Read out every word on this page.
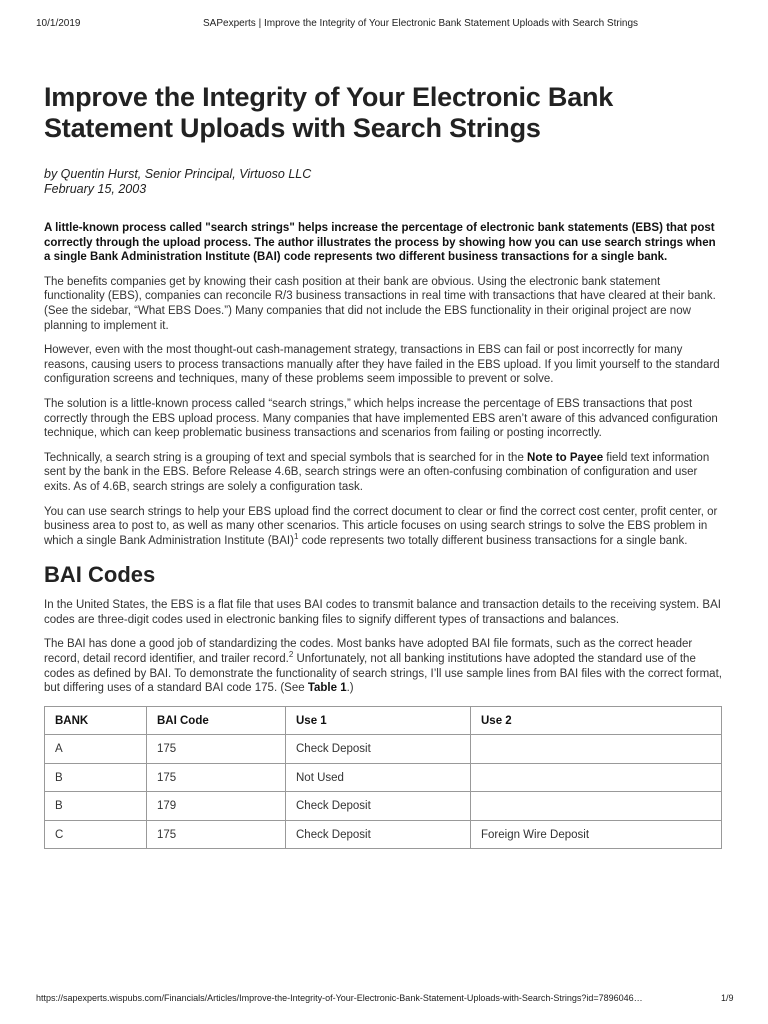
10/1/2019	SAPexperts | Improve the Integrity of Your Electronic Bank Statement Uploads with Search Strings
Improve the Integrity of Your Electronic Bank Statement Uploads with Search Strings
by Quentin Hurst, Senior Principal, Virtuoso LLC
February 15, 2003
A little-known process called "search strings" helps increase the percentage of electronic bank statements (EBS) that post correctly through the upload process. The author illustrates the process by showing how you can use search strings when a single Bank Administration Institute (BAI) code represents two different business transactions for a single bank.

The benefits companies get by knowing their cash position at their bank are obvious. Using the electronic bank statement functionality (EBS), companies can reconcile R/3 business transactions in real time with transactions that have cleared at their bank. (See the sidebar, “What EBS Does.”) Many companies that did not include the EBS functionality in their original project are now planning to implement it.

However, even with the most thought-out cash-management strategy, transactions in EBS can fail or post incorrectly for many reasons, causing users to process transactions manually after they have failed in the EBS upload. If you limit yourself to the standard configuration screens and techniques, many of these problems seem impossible to prevent or solve.

The solution is a little-known process called “search strings,” which helps increase the percentage of EBS transactions that post correctly through the EBS upload process. Many companies that have implemented EBS aren’t aware of this advanced configuration technique, which can keep problematic business transactions and scenarios from failing or posting incorrectly.

Technically, a search string is a grouping of text and special symbols that is searched for in the Note to Payee field text information sent by the bank in the EBS. Before Release 4.6B, search strings were an often-confusing combination of configuration and user exits. As of 4.6B, search strings are solely a configuration task.

You can use search strings to help your EBS upload find the correct document to clear or find the correct cost center, profit center, or business area to post to, as well as many other scenarios. This article focuses on using search strings to solve the EBS problem in which a single Bank Administration Institute (BAI)$^1$ code represents two totally different business transactions for a single bank.

BAI Codes

In the United States, the EBS is a flat file that uses BAI codes to transmit balance and transaction details to the receiving system. BAI codes are three-digit codes used in electronic banking files to signify different types of transactions and balances.

The BAI has done a good job of standardizing the codes. Most banks have adopted BAI file formats, such as the correct header record, detail record identifier, and trailer record.$^2$ Unfortunately, not all banking institutions have adopted the standard use of the codes as defined by BAI. To demonstrate the functionality of search strings, I’ll use sample lines from BAI files with the correct format, but differing uses of a standard BAI code 175. (See Table 1.)

BANK	BAI Code	Use 1	Use 2
A	175	Check Deposit	
B	175	Not Used	
B	179	Check Deposit	
C	175	Check Deposit	Foreign Wire Deposit
https://sapexperts.wispubs.com/Financials/Articles/Improve-the-Integrity-of-Your-Electronic-Bank-Statement-Uploads-with-Search-Strings?id=7896046…	1/9
